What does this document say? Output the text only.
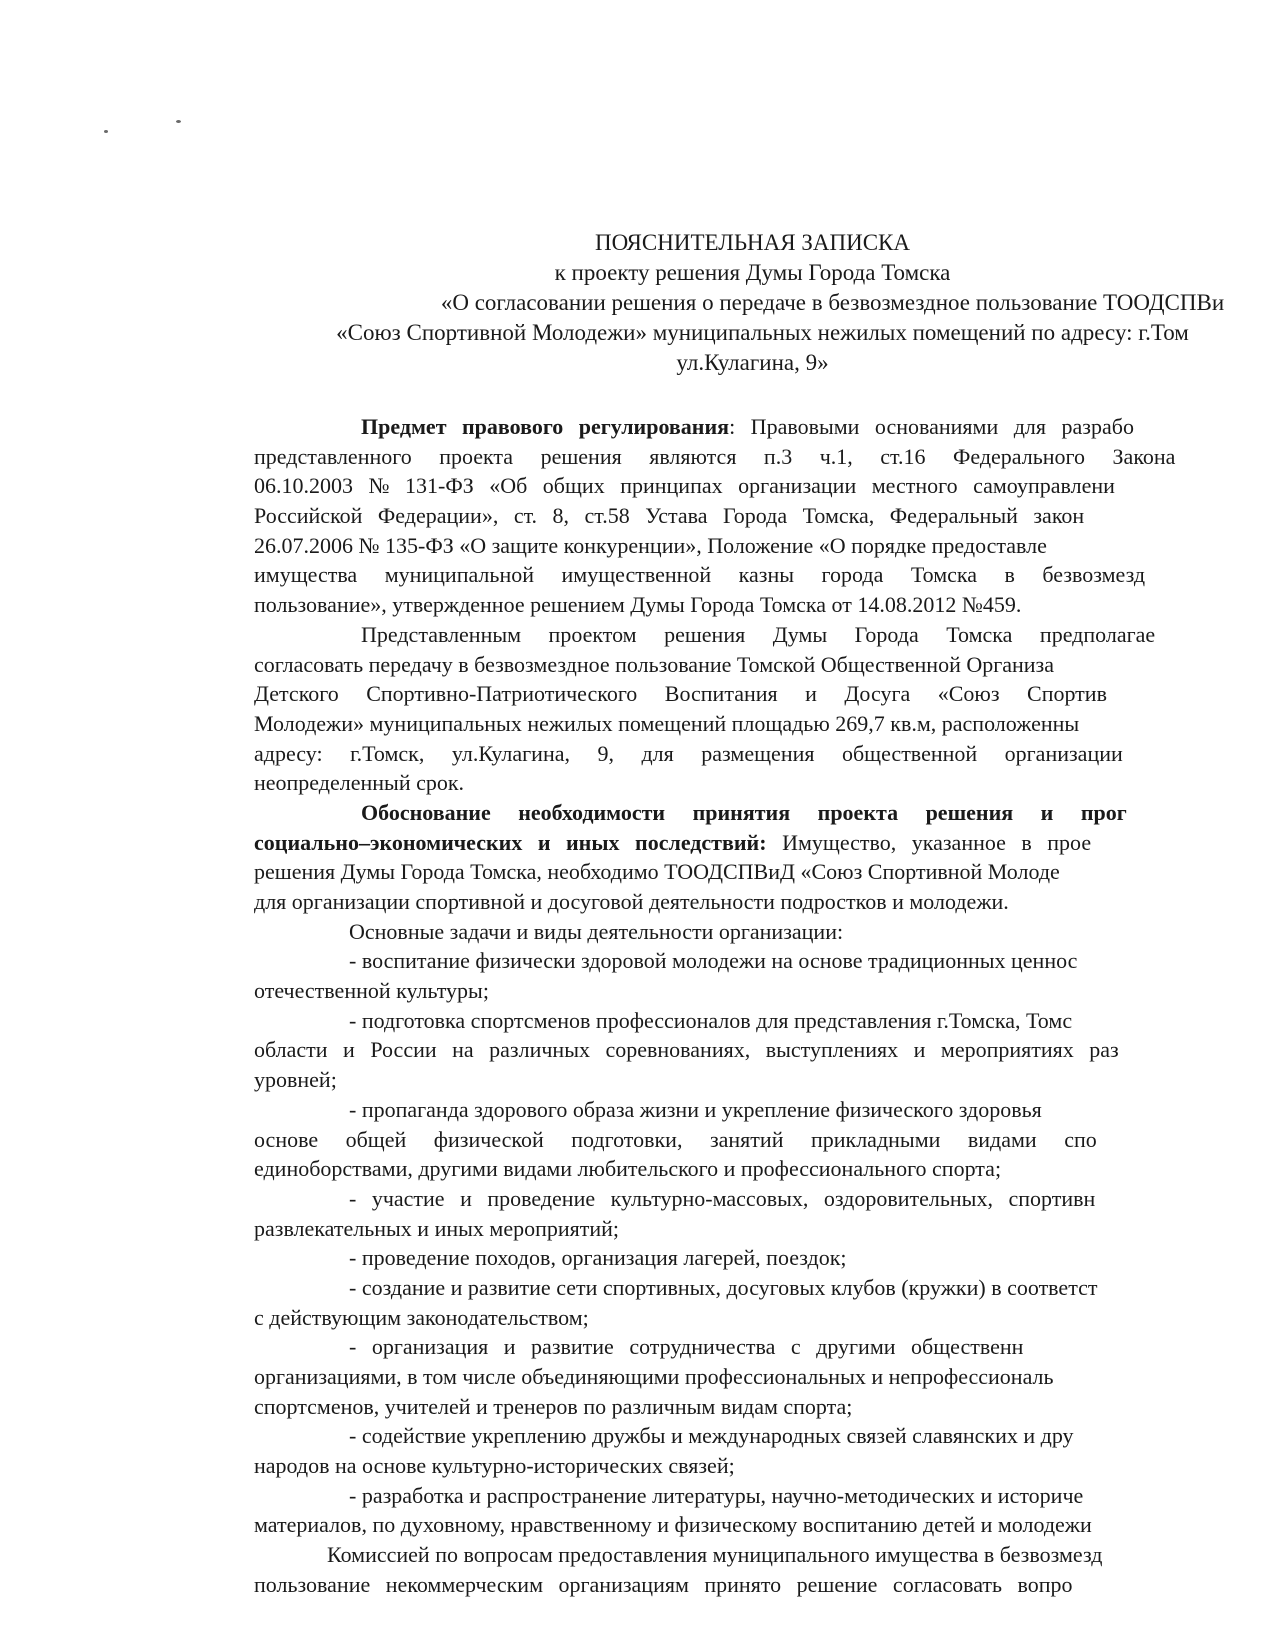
ПОЯСНИТЕЛЬНАЯ ЗАПИСКА
к проекту решения Думы Города Томска
«О согласовании решения о передаче в безвозмездное пользование ТООДСПВи
«Союз Спортивной Молодежи» муниципальных нежилых помещений по адресу: г.Том
ул.Кулагина, 9»
Предмет правового регулирования: Правовыми основаниями для разрабо
представленного проекта решения являются п.3 ч.1, ст.16 Федерального Закона
06.10.2003 № 131-ФЗ «Об общих принципах организации местного самоуправлени
Российской Федерации», ст. 8, ст.58 Устава Города Томска, Федеральный закон
26.07.2006 № 135-ФЗ «О защите конкуренции», Положение «О порядке предоставле
имущества муниципальной имущественной казны города Томска в безвозмезд
пользование», утвержденное решением Думы Города Томска от 14.08.2012 №459.
Представленным проектом решения Думы Города Томска предполагае
согласовать передачу в безвозмездное пользование Томской Общественной Организа
Детского Спортивно-Патриотического Воспитания и Досуга «Союз Спортив
Молодежи» муниципальных нежилых помещений площадью 269,7 кв.м, расположенны
адресу: г.Томск, ул.Кулагина, 9, для размещения общественной организации
неопределенный срок.
Обоснование необходимости принятия проекта решения и прог
социально–экономических и иных последствий: Имущество, указанное в прое
решения Думы Города Томска, необходимо ТООДСПВиД «Союз Спортивной Молоде
для организации спортивной и досуговой деятельности подростков и молодежи.
Основные задачи и виды деятельности организации:
- воспитание физически здоровой молодежи на основе традиционных ценнос
отечественной культуры;
- подготовка спортсменов профессионалов для представления г.Томска, Томс
области и России на различных соревнованиях, выступлениях и мероприятиях раз
уровней;
- пропаганда здорового образа жизни и укрепление физического здоровья
основе общей физической подготовки, занятий прикладными видами спо
единоборствами, другими видами любительского и профессионального спорта;
- участие и проведение культурно-массовых, оздоровительных, спортивн
развлекательных и иных мероприятий;
- проведение походов, организация лагерей, поездок;
- создание и развитие сети спортивных, досуговых клубов (кружки) в соответст
с действующим законодательством;
- организация и развитие сотрудничества с другими общественн
организациями, в том числе объединяющими профессиональных и непрофессиональ
спортсменов, учителей и тренеров по различным видам спорта;
- содействие укреплению дружбы и международных связей славянских и дру
народов на основе культурно-исторических связей;
- разработка и распространение литературы, научно-методических и историче
материалов, по духовному, нравственному и физическому воспитанию детей и молодежи
Комиссией по вопросам предоставления муниципального имущества в безвозмезд
пользование некоммерческим организациям принято решение согласовать вопро
